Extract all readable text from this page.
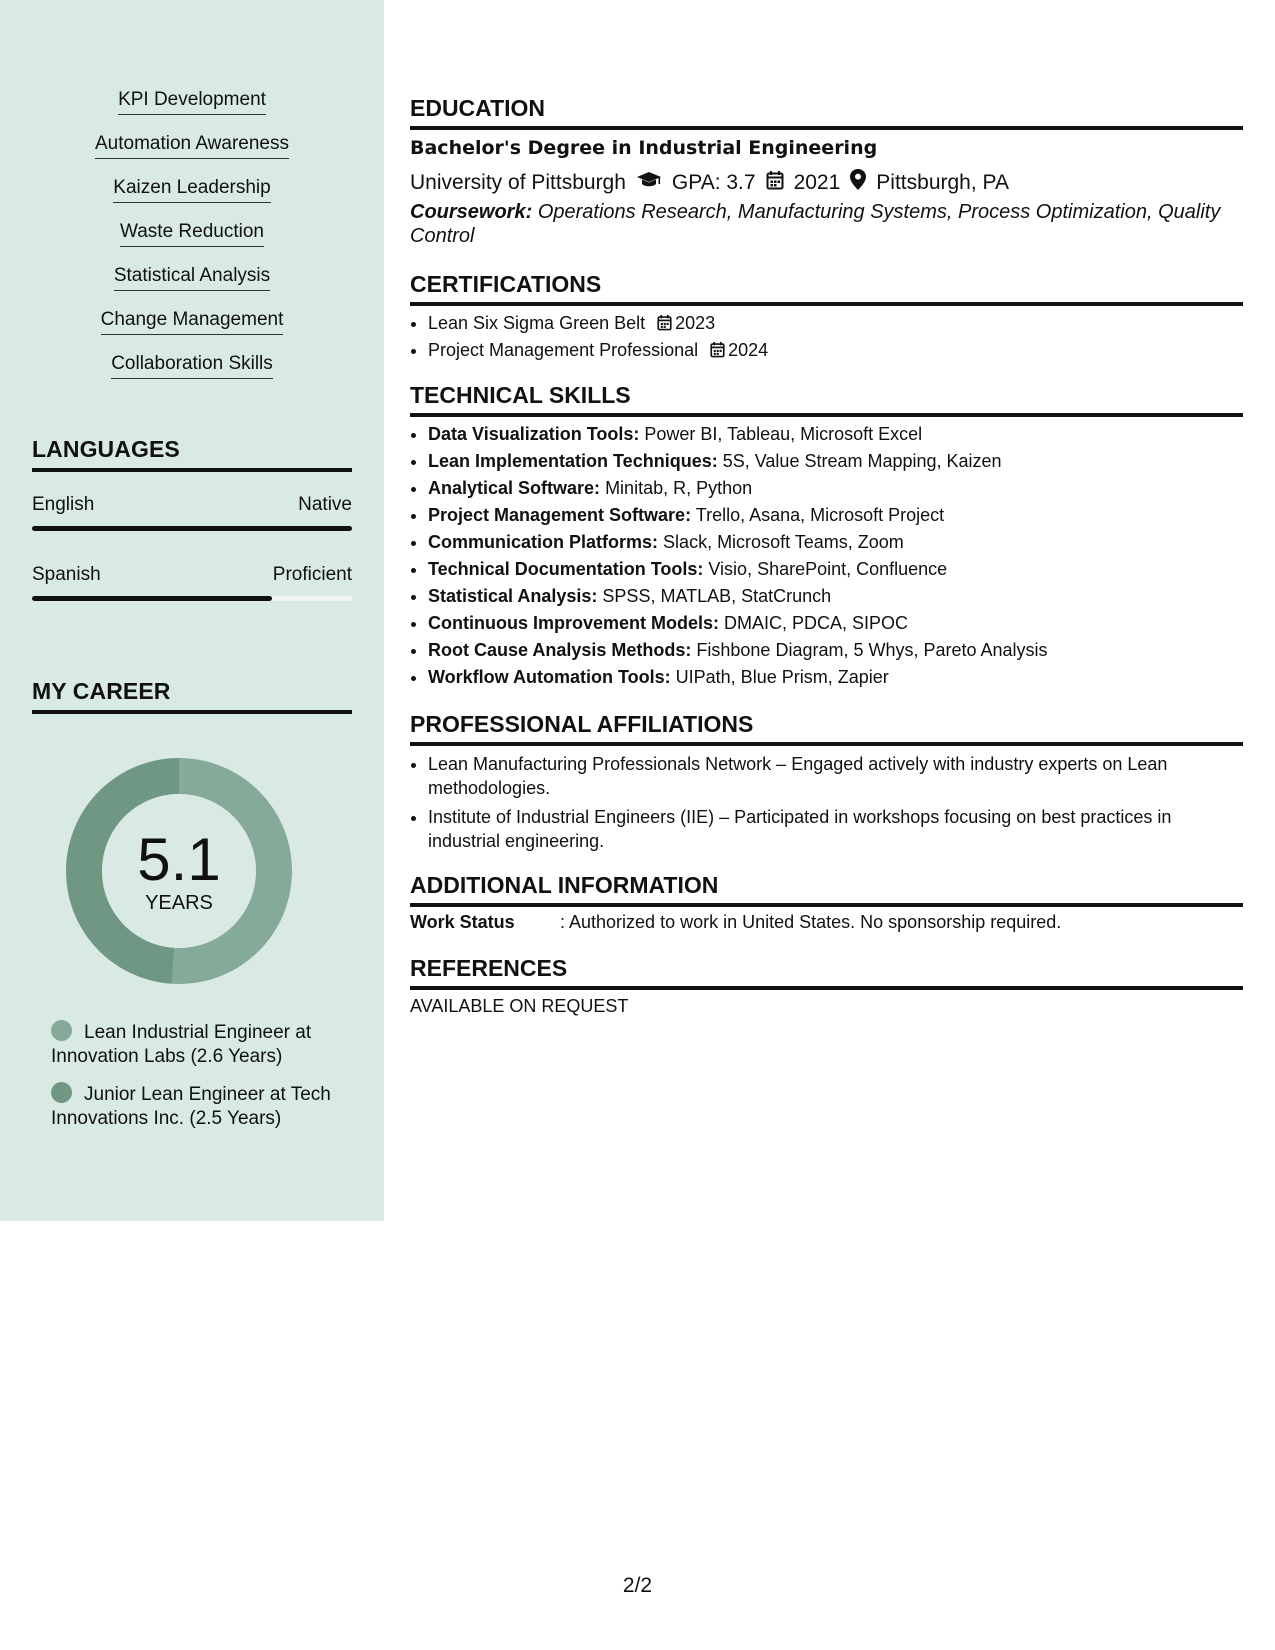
KPI Development
Automation Awareness
Kaizen Leadership
Waste Reduction
Statistical Analysis
Change Management
Collaboration Skills
LANGUAGES
English	Native
Spanish	Proficient
MY CAREER
5.1
YEARS
Lean Industrial Engineer at Innovation Labs (2.6 Years)
Junior Lean Engineer at Tech Innovations Inc. (2.5 Years)
EDUCATION
Bachelor's Degree in Industrial Engineering
University of Pittsburgh GPA: 3.7 2021 Pittsburgh, PA
Coursework: Operations Research, Manufacturing Systems, Process Optimization, Quality Control
CERTIFICATIONS
• Lean Six Sigma Green Belt 2023
• Project Management Professional 2024
TECHNICAL SKILLS
• Data Visualization Tools: Power BI, Tableau, Microsoft Excel
• Lean Implementation Techniques: 5S, Value Stream Mapping, Kaizen
• Analytical Software: Minitab, R, Python
• Project Management Software: Trello, Asana, Microsoft Project
• Communication Platforms: Slack, Microsoft Teams, Zoom
• Technical Documentation Tools: Visio, SharePoint, Confluence
• Statistical Analysis: SPSS, MATLAB, StatCrunch
• Continuous Improvement Models: DMAIC, PDCA, SIPOC
• Root Cause Analysis Methods: Fishbone Diagram, 5 Whys, Pareto Analysis
• Workflow Automation Tools: UIPath, Blue Prism, Zapier
PROFESSIONAL AFFILIATIONS
• Lean Manufacturing Professionals Network – Engaged actively with industry experts on Lean methodologies.
• Institute of Industrial Engineers (IIE) – Participated in workshops focusing on best practices in industrial engineering.
ADDITIONAL INFORMATION
Work Status	: Authorized to work in United States. No sponsorship required.
REFERENCES
AVAILABLE ON REQUEST
2/2
